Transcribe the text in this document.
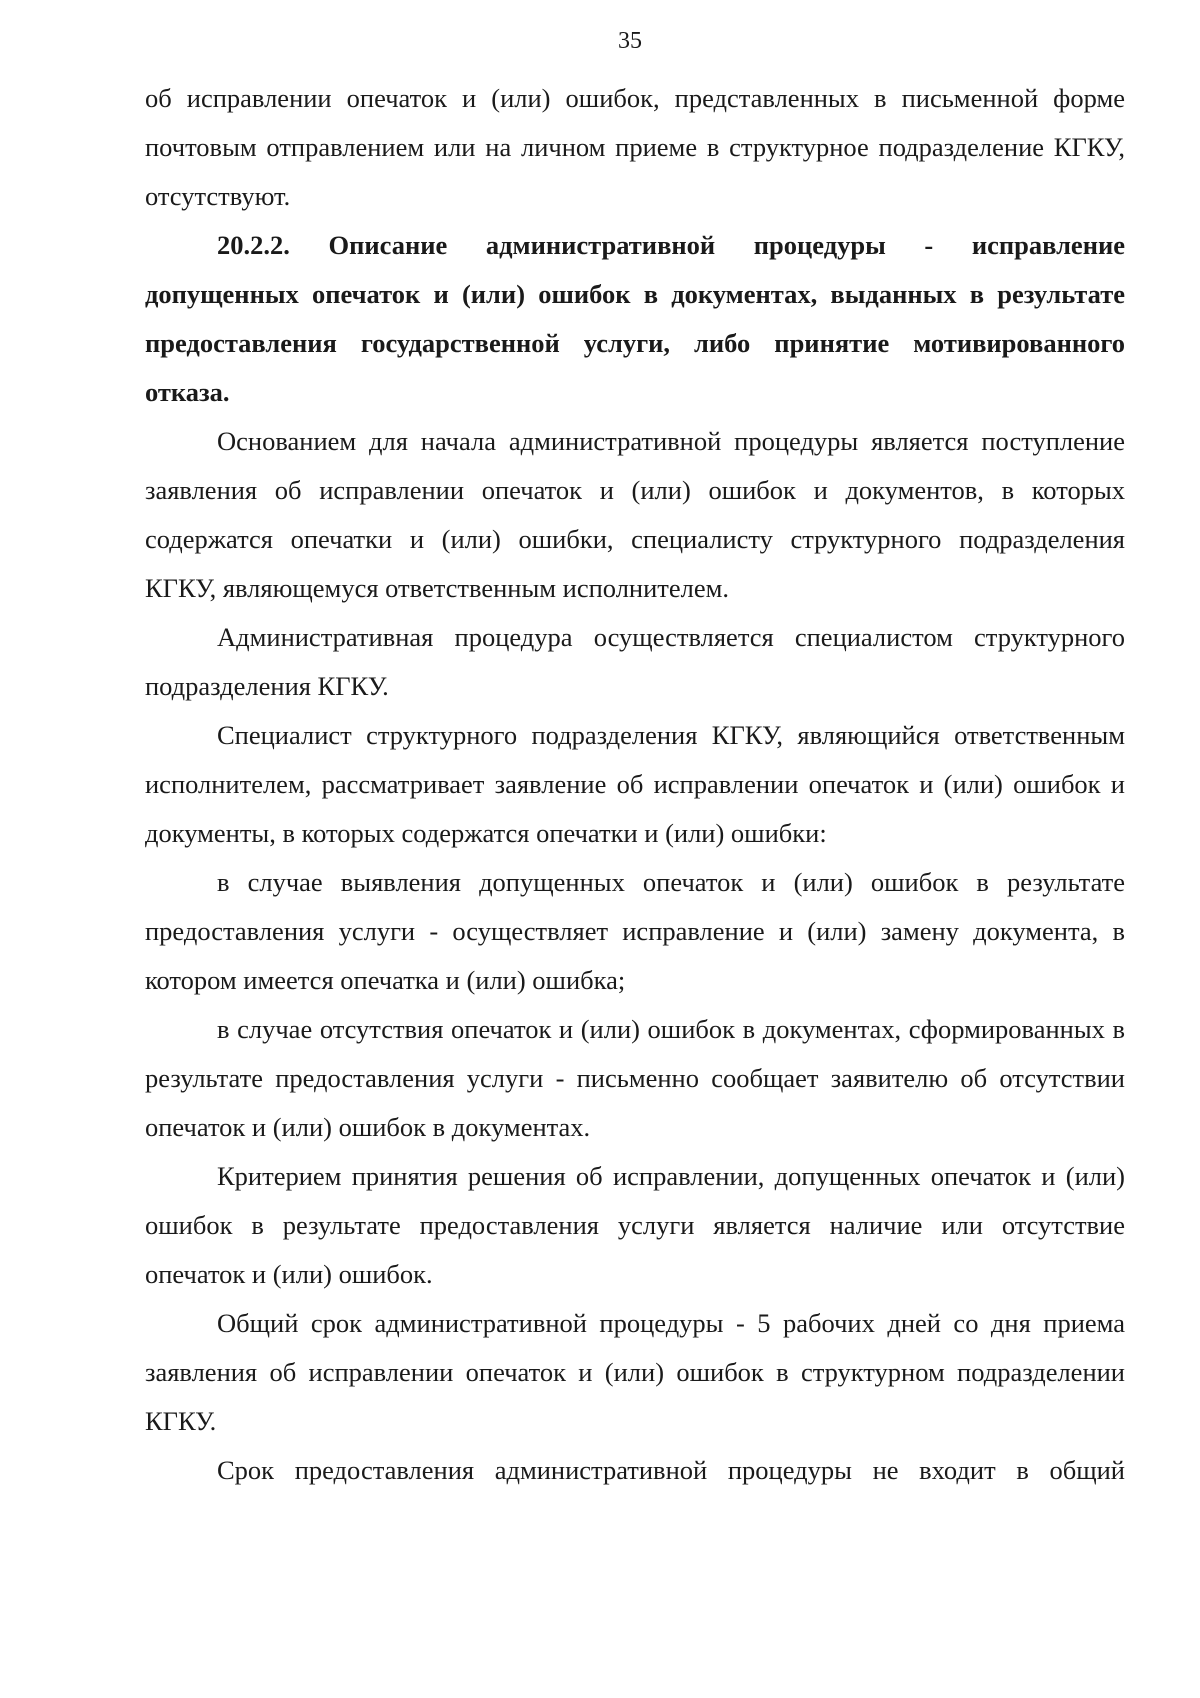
35

об исправлении опечаток и (или) ошибок, представленных в письменной форме почтовым отправлением или на личном приеме в структурное подразделение КГКУ, отсутствуют.

20.2.2. Описание административной процедуры - исправление допущенных опечаток и (или) ошибок в документах, выданных в результате предоставления государственной услуги, либо принятие мотивированного отказа.

Основанием для начала административной процедуры является поступление заявления об исправлении опечаток и (или) ошибок и документов, в которых содержатся опечатки и (или) ошибки, специалисту структурного подразделения КГКУ, являющемуся ответственным исполнителем.

Административная процедура осуществляется специалистом структурного подразделения КГКУ.

Специалист структурного подразделения КГКУ, являющийся ответственным исполнителем, рассматривает заявление об исправлении опечаток и (или) ошибок и документы, в которых содержатся опечатки и (или) ошибки:

в случае выявления допущенных опечаток и (или) ошибок в результате предоставления услуги - осуществляет исправление и (или) замену документа, в котором имеется опечатка и (или) ошибка;

в случае отсутствия опечаток и (или) ошибок в документах, сформированных в результате предоставления услуги - письменно сообщает заявителю об отсутствии опечаток и (или) ошибок в документах.

Критерием принятия решения об исправлении, допущенных опечаток и (или) ошибок в результате предоставления услуги является наличие или отсутствие опечаток и (или) ошибок.

Общий срок административной процедуры - 5 рабочих дней со дня приема заявления об исправлении опечаток и (или) ошибок в структурном подразделении КГКУ.

Срок предоставления административной процедуры не входит в общий
